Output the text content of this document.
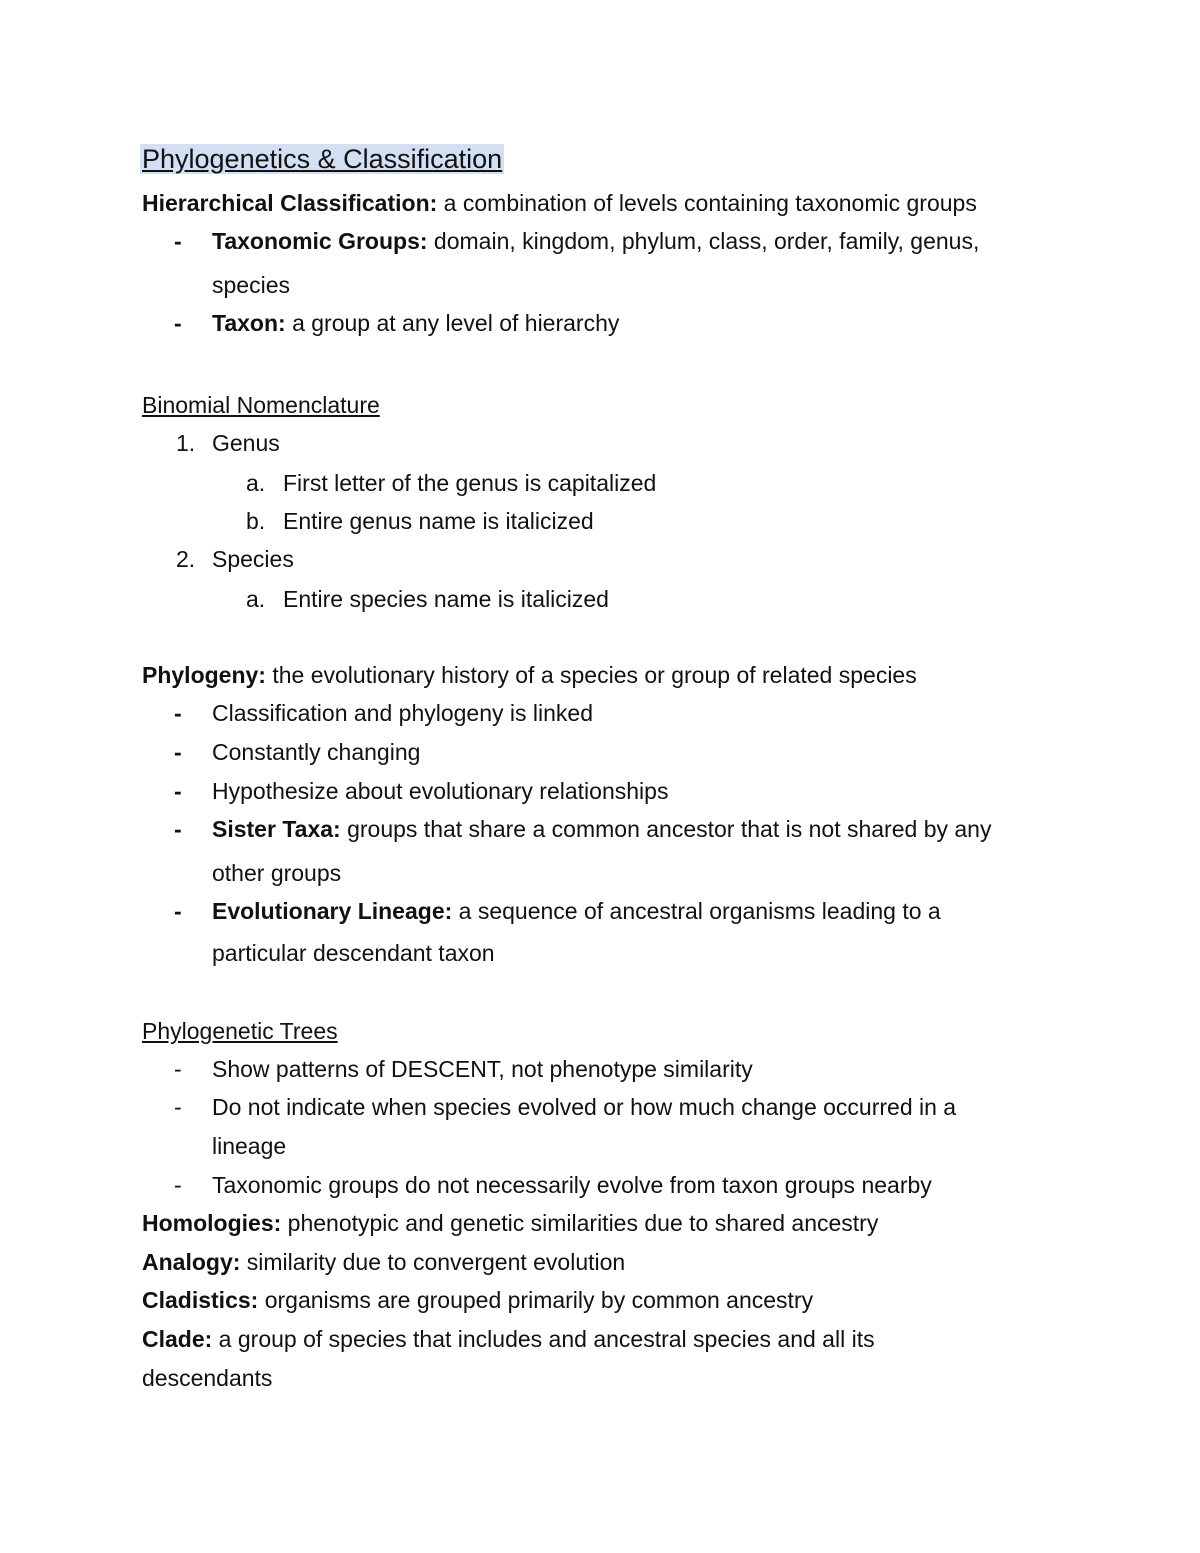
Phylogenetics & Classification
Hierarchical Classification: a combination of levels containing taxonomic groups
-	Taxonomic Groups: domain, kingdom, phylum, class, order, family, genus,
species
-	Taxon: a group at any level of hierarchy
Binomial Nomenclature
1. Genus
a. First letter of the genus is capitalized
b. Entire genus name is italicized
2. Species
a. Entire species name is italicized
Phylogeny: the evolutionary history of a species or group of related species
-	Classification and phylogeny is linked
-	Constantly changing
-	Hypothesize about evolutionary relationships
-	Sister Taxa: groups that share a common ancestor that is not shared by any
other groups
-	Evolutionary Lineage: a sequence of ancestral organisms leading to a
particular descendant taxon
Phylogenetic Trees
-	Show patterns of DESCENT, not phenotype similarity
-	Do not indicate when species evolved or how much change occurred in a
lineage
-	Taxonomic groups do not necessarily evolve from taxon groups nearby
Homologies: phenotypic and genetic similarities due to shared ancestry
Analogy: similarity due to convergent evolution
Cladistics: organisms are grouped primarily by common ancestry
Clade: a group of species that includes and ancestral species and all its
descendants
